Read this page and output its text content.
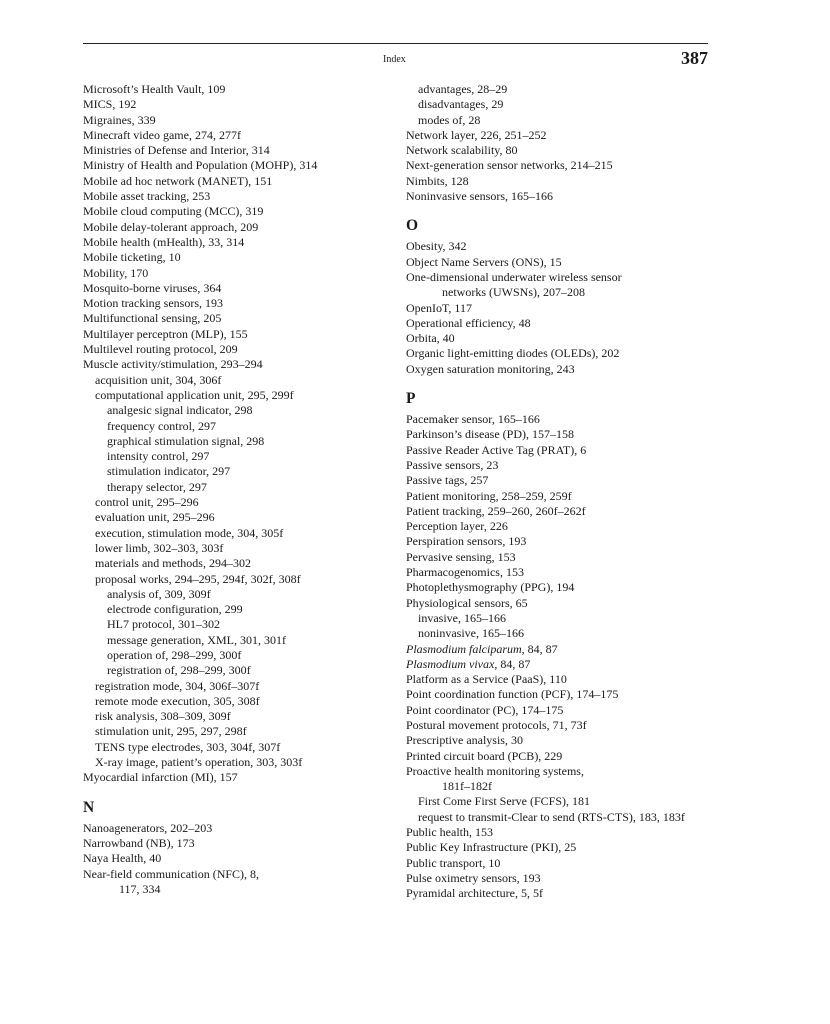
Index	387
Microsoft’s Health Vault, 109
MICS, 192
Migraines, 339
Minecraft video game, 274, 277f
Ministries of Defense and Interior, 314
Ministry of Health and Population (MOHP), 314
Mobile ad hoc network (MANET), 151
Mobile asset tracking, 253
Mobile cloud computing (MCC), 319
Mobile delay-tolerant approach, 209
Mobile health (mHealth), 33, 314
Mobile ticketing, 10
Mobility, 170
Mosquito-borne viruses, 364
Motion tracking sensors, 193
Multifunctional sensing, 205
Multilayer perceptron (MLP), 155
Multilevel routing protocol, 209
Muscle activity/stimulation, 293–294
acquisition unit, 304, 306f
computational application unit, 295, 299f
analgesic signal indicator, 298
frequency control, 297
graphical stimulation signal, 298
intensity control, 297
stimulation indicator, 297
therapy selector, 297
control unit, 295–296
evaluation unit, 295–296
execution, stimulation mode, 304, 305f
lower limb, 302–303, 303f
materials and methods, 294–302
proposal works, 294–295, 294f, 302f, 308f
analysis of, 309, 309f
electrode configuration, 299
HL7 protocol, 301–302
message generation, XML, 301, 301f
operation of, 298–299, 300f
registration of, 298–299, 300f
registration mode, 304, 306f–307f
remote mode execution, 305, 308f
risk analysis, 308–309, 309f
stimulation unit, 295, 297, 298f
TENS type electrodes, 303, 304f, 307f
X-ray image, patient’s operation, 303, 303f
Myocardial infarction (MI), 157
N
Nanoagenerators, 202–203
Narrowband (NB), 173
Naya Health, 40
Near-field communication (NFC), 8,
117, 334
advantages, 28–29
disadvantages, 29
modes of, 28
Network layer, 226, 251–252
Network scalability, 80
Next-generation sensor networks, 214–215
Nimbits, 128
Noninvasive sensors, 165–166
O
Obesity, 342
Object Name Servers (ONS), 15
One-dimensional underwater wireless sensor
networks (UWSNs), 207–208
OpenIoT, 117
Operational efficiency, 48
Orbita, 40
Organic light-emitting diodes (OLEDs), 202
Oxygen saturation monitoring, 243
P
Pacemaker sensor, 165–166
Parkinson’s disease (PD), 157–158
Passive Reader Active Tag (PRAT), 6
Passive sensors, 23
Passive tags, 257
Patient monitoring, 258–259, 259f
Patient tracking, 259–260, 260f–262f
Perception layer, 226
Perspiration sensors, 193
Pervasive sensing, 153
Pharmacogenomics, 153
Photoplethysmography (PPG), 194
Physiological sensors, 65
invasive, 165–166
noninvasive, 165–166
Plasmodium falciparum, 84, 87
Plasmodium vivax, 84, 87
Platform as a Service (PaaS), 110
Point coordination function (PCF), 174–175
Point coordinator (PC), 174–175
Postural movement protocols, 71, 73f
Prescriptive analysis, 30
Printed circuit board (PCB), 229
Proactive health monitoring systems,
181f–182f
First Come First Serve (FCFS), 181
request to transmit-Clear to send (RTS-CTS), 183, 183f
Public health, 153
Public Key Infrastructure (PKI), 25
Public transport, 10
Pulse oximetry sensors, 193
Pyramidal architecture, 5, 5f
